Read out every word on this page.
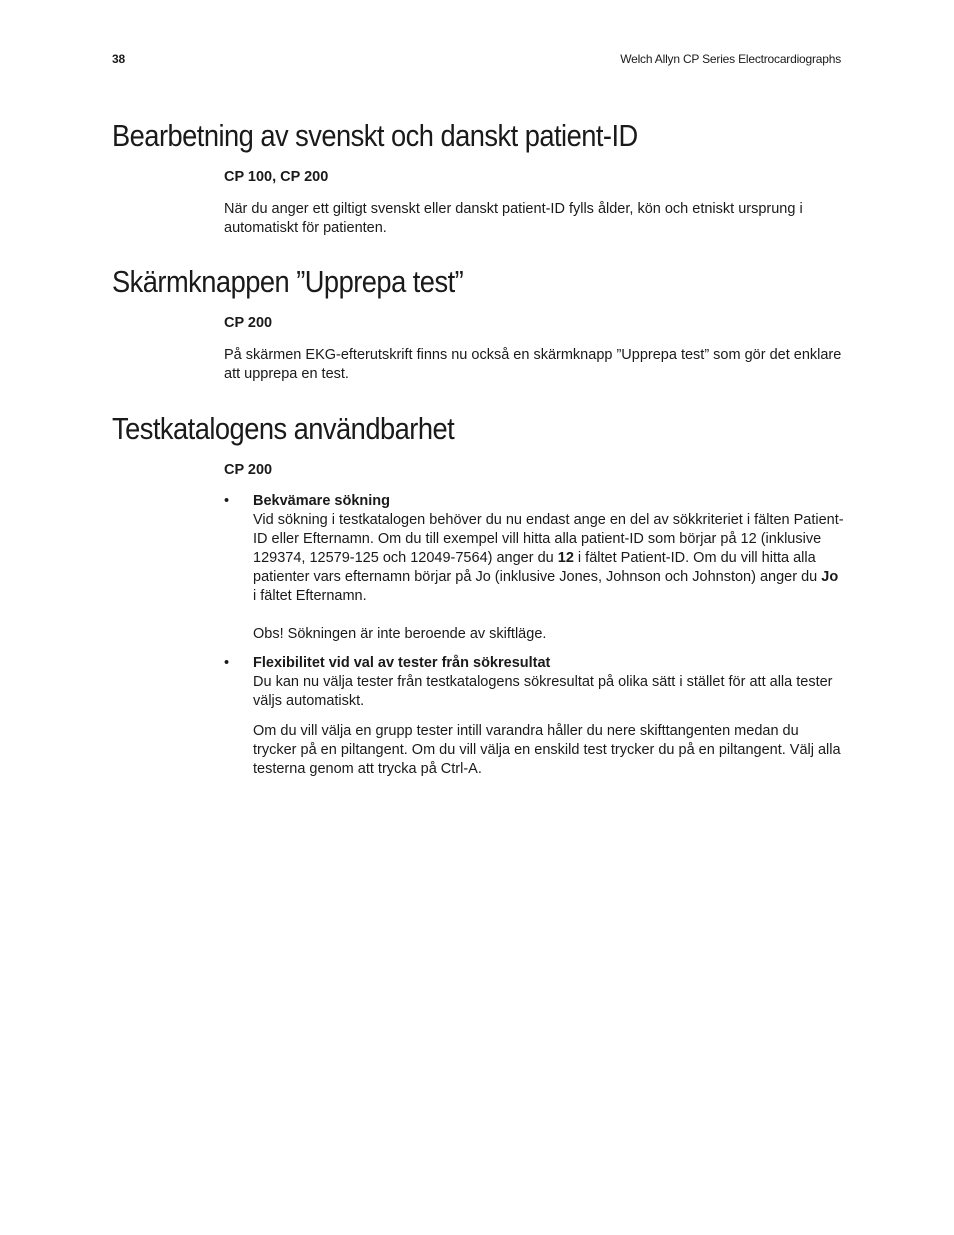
38	Welch Allyn CP Series Electrocardiographs
Bearbetning av svenskt och danskt patient-ID

CP 100, CP 200

När du anger ett giltigt svenskt eller danskt patient-ID fylls ålder, kön och etniskt ursprung i automatiskt för patienten.

Skärmknappen ”Upprepa test”

CP 200

På skärmen EKG-efterutskrift finns nu också en skärmknapp ”Upprepa test” som gör det enklare att upprepa en test.

Testkatalogens användbarhet

CP 200

•	Bekvämare sökning
Vid sökning i testkatalogen behöver du nu endast ange en del av sökkriteriet i fälten Patient-ID eller Efternamn. Om du till exempel vill hitta alla patient-ID som börjar på 12 (inklusive 129374, 12579-125 och 12049-7564) anger du 12 i fältet Patient-ID. Om du vill hitta alla patienter vars efternamn börjar på Jo (inklusive Jones, Johnson och Johnston) anger du Jo i fältet Efternamn.
Obs! Sökningen är inte beroende av skiftläge.
•	Flexibilitet vid val av tester från sökresultat
Du kan nu välja tester från testkatalogens sökresultat på olika sätt i stället för att alla tester väljs automatiskt.
Om du vill välja en grupp tester intill varandra håller du nere skifttangenten medan du trycker på en piltangent. Om du vill välja en enskild test trycker du på en piltangent. Välj alla testerna genom att trycka på Ctrl-A.
